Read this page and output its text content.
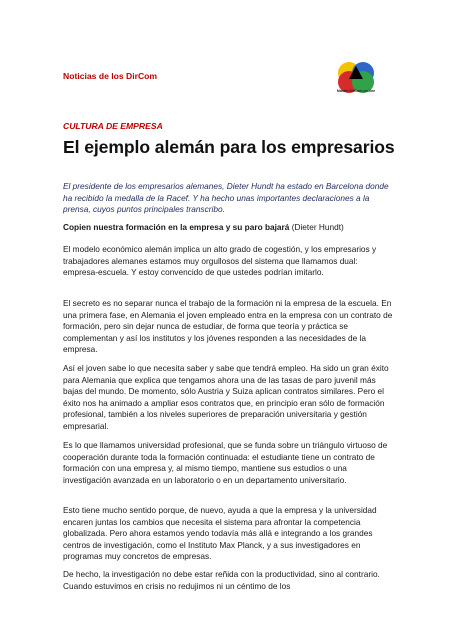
Noticias de los DirCom
Master DirCom on-line
CULTURA DE EMPRESA
El ejemplo alemán para los empresarios

El presidente de los empresarios alemanes, Dieter Hundt ha estado en Barcelona donde ha recibido la medalla de la Racef. Y ha hecho unas importantes declaraciones a la prensa, cuyos puntos principales transcribo.

Copien nuestra formación en la empresa y su paro bajará (Dieter Hundt)

El modelo económico alemán implica un alto grado de cogestión, y los empresarios y trabajadores alemanes estamos muy orgullosos del sistema que llamamos dual: empresa-escuela. Y estoy convencido de que ustedes podrían imitarlo.

El secreto es no separar nunca el trabajo de la formación ni la empresa de la escuela. En una primera fase, en Alemania el joven empleado entra en la empresa con un contrato de formación, pero sin dejar nunca de estudiar, de forma que teoría y práctica se complementan y así los institutos y los jóvenes responden a las necesidades de la empresa.

Así el joven sabe lo que necesita saber y sabe que tendrá empleo. Ha sido un gran éxito para Alemania que explica que tengamos ahora una de las tasas de paro juvenil más bajas del mundo. De momento, sólo Austria y Suiza aplican contratos similares. Pero el éxito nos ha animado a ampliar esos contratos que, en principio eran sólo de formación profesional, también a los niveles superiores de preparación universitaria y gestión empresarial.

Es lo que llamamos universidad profesional, que se funda sobre un triángulo virtuoso de cooperación durante toda la formación continuada: el estudiante tiene un contrato de formación con una empresa y, al mismo tiempo, mantiene sus estudios o una investigación avanzada en un laboratorio o en un departamento universitario.

Esto tiene mucho sentido porque, de nuevo, ayuda a que la empresa y la universidad encaren juntas los cambios que necesita el sistema para afrontar la competencia globalizada. Pero ahora estamos yendo todavía más allá e integrando a los grandes centros de investigación, como el Instituto Max Planck, y a sus investigadores en programas muy concretos de empresas.

De hecho, la investigación no debe estar reñida con la productividad, sino al contrario. Cuando estuvimos en crisis no redujimos ni un céntimo de los
